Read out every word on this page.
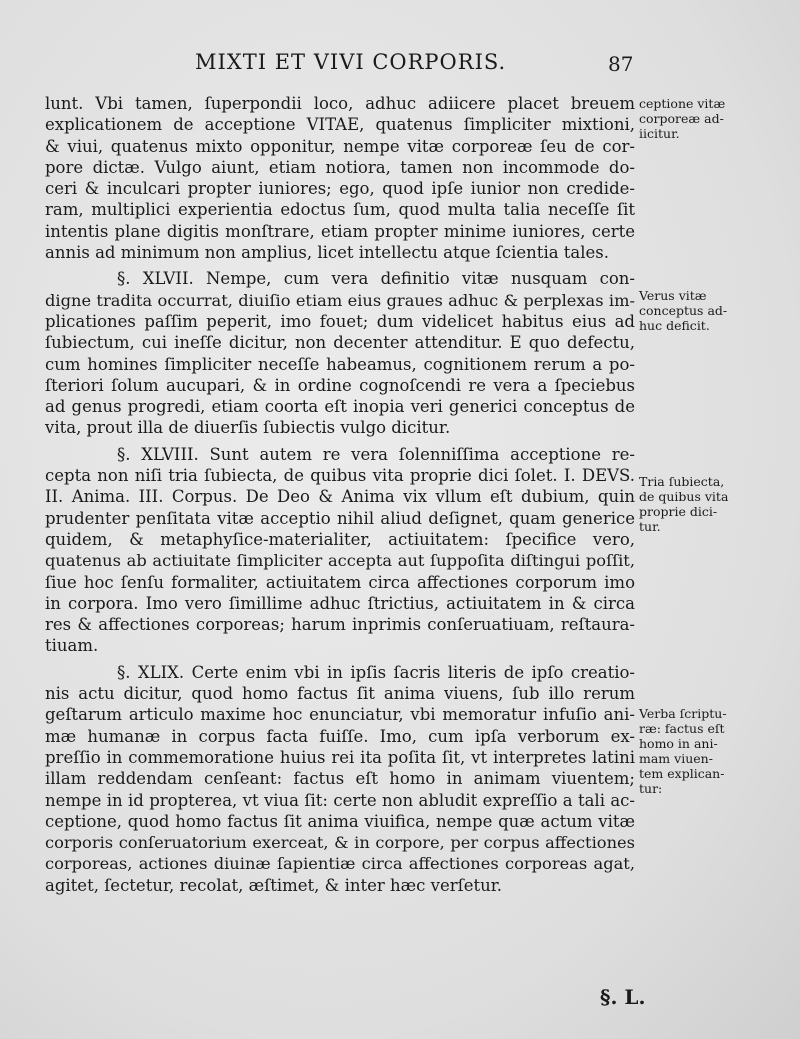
MIXTI ET VIVI CORPORIS.	87
lunt. Vbi tamen, ſuperpondii loco, adhuc adiicere placet breuem
explicationem de acceptione VITAE, quatenus ſimpliciter mixtioni,
& viui, quatenus mixto opponitur, nempe vitæ corporeæ ſeu de cor-
pore dictæ. Vulgo aiunt, etiam notiora, tamen non incommode do-
ceri & inculcari propter iuniores; ego, quod ipſe iunior non credide-
ram, multiplici experientia edoctus ſum, quod multa talia neceſſe ſit
intentis plane digitis monſtrare, etiam propter minime iuniores, certe
annis ad minimum non amplius, licet intellectu atque ſcientia tales.
§. XLVII. Nempe, cum vera definitio vitæ nusquam con-
digne tradita occurrat, diuiſio etiam eius graues adhuc & perplexas im-
plicationes paſſim peperit, imo fouet; dum videlicet habitus eius ad
ſubiectum, cui ineſſe dicitur, non decenter attenditur. E quo defectu,
cum homines ſimpliciter neceſſe habeamus, cognitionem rerum a po-
ſteriori ſolum aucupari, & in ordine cognoſcendi re vera a ſpeciebus
ad genus progredi, etiam coorta eſt inopia veri generici conceptus de
vita, prout illa de diuerſis ſubiectis vulgo dicitur.
§. XLVIII. Sunt autem re vera ſolenniſſima acceptione re-
cepta non niſi tria ſubiecta, de quibus vita proprie dici ſolet. I. DEVS.
II. Anima. III. Corpus. De Deo & Anima vix vllum eſt dubium, quin
prudenter penſitata vitæ acceptio nihil aliud deſignet, quam generice
quidem, & metaphyſice-materialiter, actiuitatem: ſpecifice vero,
quatenus ab actiuitate ſimpliciter accepta aut ſuppoſita diſtingui poſſit,
ſiue hoc ſenſu formaliter, actiuitatem circa affectiones corporum imo
in corpora. Imo vero ſimillime adhuc ſtrictius, actiuitatem in & circa
res & affectiones corporeas; harum inprimis conſeruatiuam, reſtaura-
tiuam.
§. XLIX. Certe enim vbi in ipſis ſacris literis de ipſo creatio-
nis actu dicitur, quod homo factus ſit anima viuens, ſub illo rerum
geſtarum articulo maxime hoc enunciatur, vbi memoratur infuſio ani-
mæ humanæ in corpus facta fuiſſe. Imo, cum ipſa verborum ex-
preſſio in commemoratione huius rei ita poſita ſit, vt interpretes latini
illam reddendam cenſeant: factus eſt homo in animam viuentem;
nempe in id propterea, vt viua ſit: certe non abludit expreſſio a tali ac-
ceptione, quod homo factus ſit anima viuifica, nempe quæ actum vitæ
corporis conſeruatorium exerceat, & in corpore, per corpus affectiones
corporeas, actiones diuinæ ſapientiæ circa affectiones corporeas agat,
agitet, ſectetur, recolat, æſtimet, & inter hæc verſetur.
ceptione vitæ
corporeæ ad-
iicitur.
Verus vitæ
conceptus ad-
huc deficit.
Tria ſubiecta,
de quibus vita
proprie dici-
tur.
Verba ſcriptu-
ræ: factus eſt
homo in ani-
mam viuen-
tem explican-
tur:
§. L.
